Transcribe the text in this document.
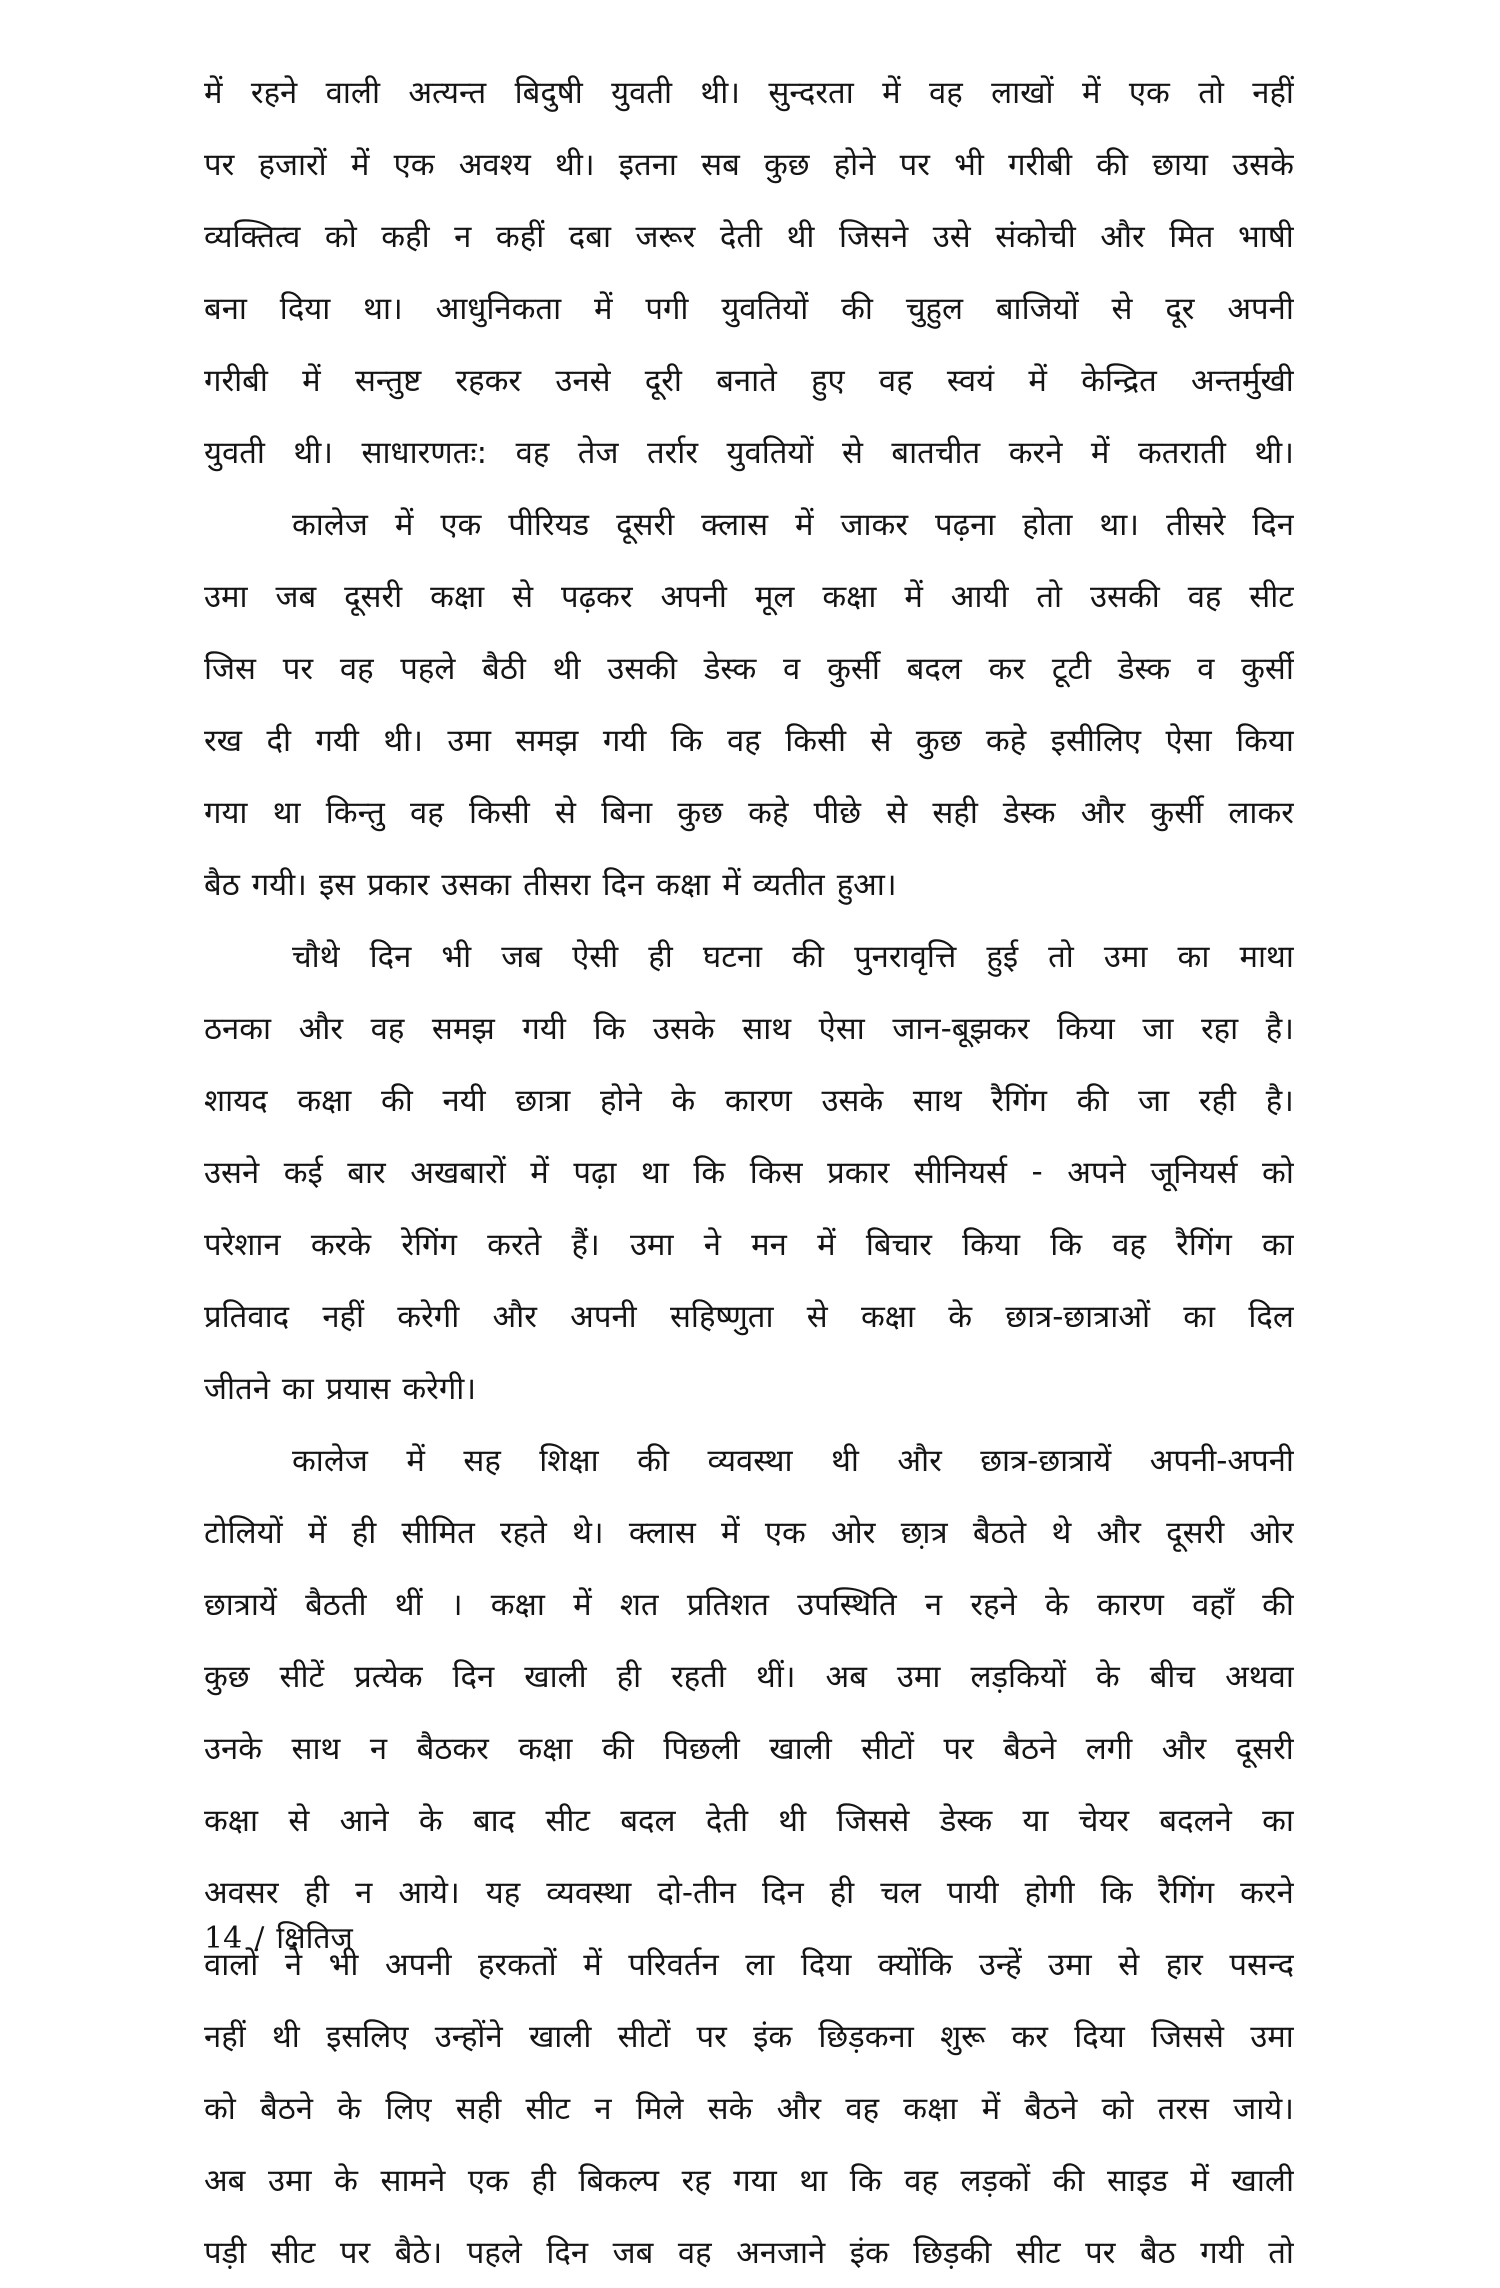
में रहने वाली अत्यन्त बिदुषी युवती थी। सुन्दरता में वह लाखों में एक तो नहीं
पर हजारों में एक अवश्य थी। इतना सब कुछ होने पर भी गरीबी की छाया उसके
व्यक्तित्व को कही न कहीं दबा जरूर देती थी जिसने उसे संकोची और मित भाषी
बना दिया था। आधुनिकता में पगी युवतियों की चुहुल बाजियों से दूर अपनी
गरीबी में सन्तुष्ट रहकर उनसे दूरी बनाते हुए वह स्वयं में केन्द्रित अन्तर्मुखी
युवती थी। साधारणतः: वह तेज तर्रार युवतियों से बातचीत करने में कतराती थी।
कालेज में एक पीरियड दूसरी क्लास में जाकर पढ़ना होता था। तीसरे दिन
उमा जब दूसरी कक्षा से पढ़कर अपनी मूल कक्षा में आयी तो उसकी वह सीट
जिस पर वह पहले बैठी थी उसकी डेस्क व कुर्सी बदल कर टूटी डेस्क व कुर्सी
रख दी गयी थी। उमा समझ गयी कि वह किसी से कुछ कहे इसीलिए ऐसा किया
गया था किन्तु वह किसी से बिना कुछ कहे पीछे से सही डेस्क और कुर्सी लाकर
बैठ गयी। इस प्रकार उसका तीसरा दिन कक्षा में व्यतीत हुआ।
चौथे दिन भी जब ऐसी ही घटना की पुनरावृत्ति हुई तो उमा का माथा
ठनका और वह समझ गयी कि उसके साथ ऐसा जान-बूझकर किया जा रहा है।
शायद कक्षा की नयी छात्रा होने के कारण उसके साथ रैगिंग की जा रही है।
उसने कई बार अखबारों में पढ़ा था कि किस प्रकार सीनियर्स - अपने जूनियर्स को
परेशान करके रेगिंग करते हैं। उमा ने मन में बिचार किया कि वह रैगिंग का
प्रतिवाद नहीं करेगी और अपनी सहिष्णुता से कक्षा के छात्र-छात्राओं का दिल
जीतने का प्रयास करेगी।
कालेज में सह शिक्षा की व्यवस्था थी और छात्र-छात्रायें अपनी-अपनी
टोलियों में ही सीमित रहते थे। क्लास में एक ओर छा़त्र बैठते थे और दूसरी ओर
छात्रायें बैठती थीं । कक्षा में शत प्रतिशत उपस्थिति न रहने के कारण वहाँ की
कुछ सीटें प्रत्येक दिन खाली ही रहती थीं। अब उमा लड़कियों के बीच अथवा
उनके साथ न बैठकर कक्षा की पिछली खाली सीटों पर बैठने लगी और दूसरी
कक्षा से आने के बाद सीट बदल देती थी जिससे डेस्क या चेयर बदलने का
अवसर ही न आये। यह व्यवस्था दो-तीन दिन ही चल पायी होगी कि रैगिंग करने
वालों ने भी अपनी हरकतों में परिवर्तन ला दिया क्योंकि उन्हें उमा से हार पसन्द
नहीं थी इसलिए उन्होंने खाली सीटों पर इंक छिड़कना शुरू कर दिया जिससे उमा
को बैठने के लिए सही सीट न मिले सके और वह कक्षा में बैठने को तरस जाये।
अब उमा के सामने एक ही बिकल्प रह गया था कि वह लड़कों की साइड में खाली
पड़ी सीट पर बैठे। पहले दिन जब वह अनजाने इंक छिड़की सीट पर बैठ गयी तो
14 / क्षितिज
